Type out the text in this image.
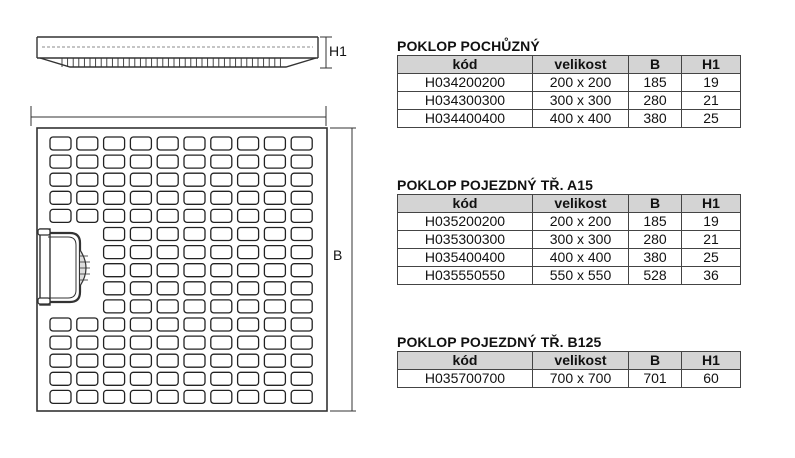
H1
B
POKLOP POCHŮZNÝ
kód	velikost	B	H1
H034200200	200 x 200	185	19
H034300300	300 x 300	280	21
H034400400	400 x 400	380	25
POKLOP POJEZDNÝ TŘ. A15
kód	velikost	B	H1
H035200200	200 x 200	185	19
H035300300	300 x 300	280	21
H035400400	400 x 400	380	25
H035550550	550 x 550	528	36
POKLOP POJEZDNÝ TŘ. B125
kód	velikost	B	H1
H035700700	700 x 700	701	60
